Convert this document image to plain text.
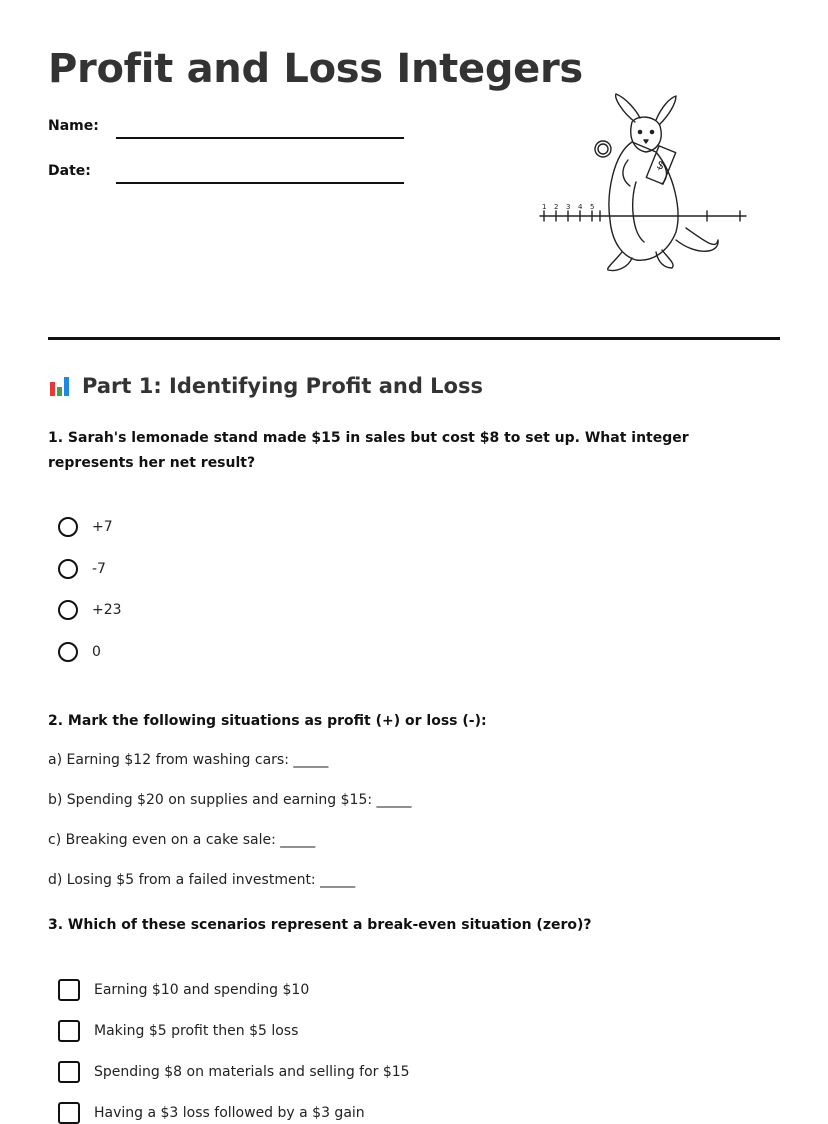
Profit and Loss Integers
Name:
Date:	$
1 2 3 4 5
Part 1: Identifying Profit and Loss

1. Sarah's lemonade stand made $15 in sales but cost $8 to set up. What integer represents her net result?

+7
-7
+23
0

2. Mark the following situations as profit (+) or loss (-):

a) Earning $12 from washing cars: _____
b) Spending $20 on supplies and earning $15: _____
c) Breaking even on a cake sale: _____
d) Losing $5 from a failed investment: _____

3. Which of these scenarios represent a break-even situation (zero)?

Earning $10 and spending $10
Making $5 profit then $5 loss
Spending $8 on materials and selling for $15
Having a $3 loss followed by a $3 gain
